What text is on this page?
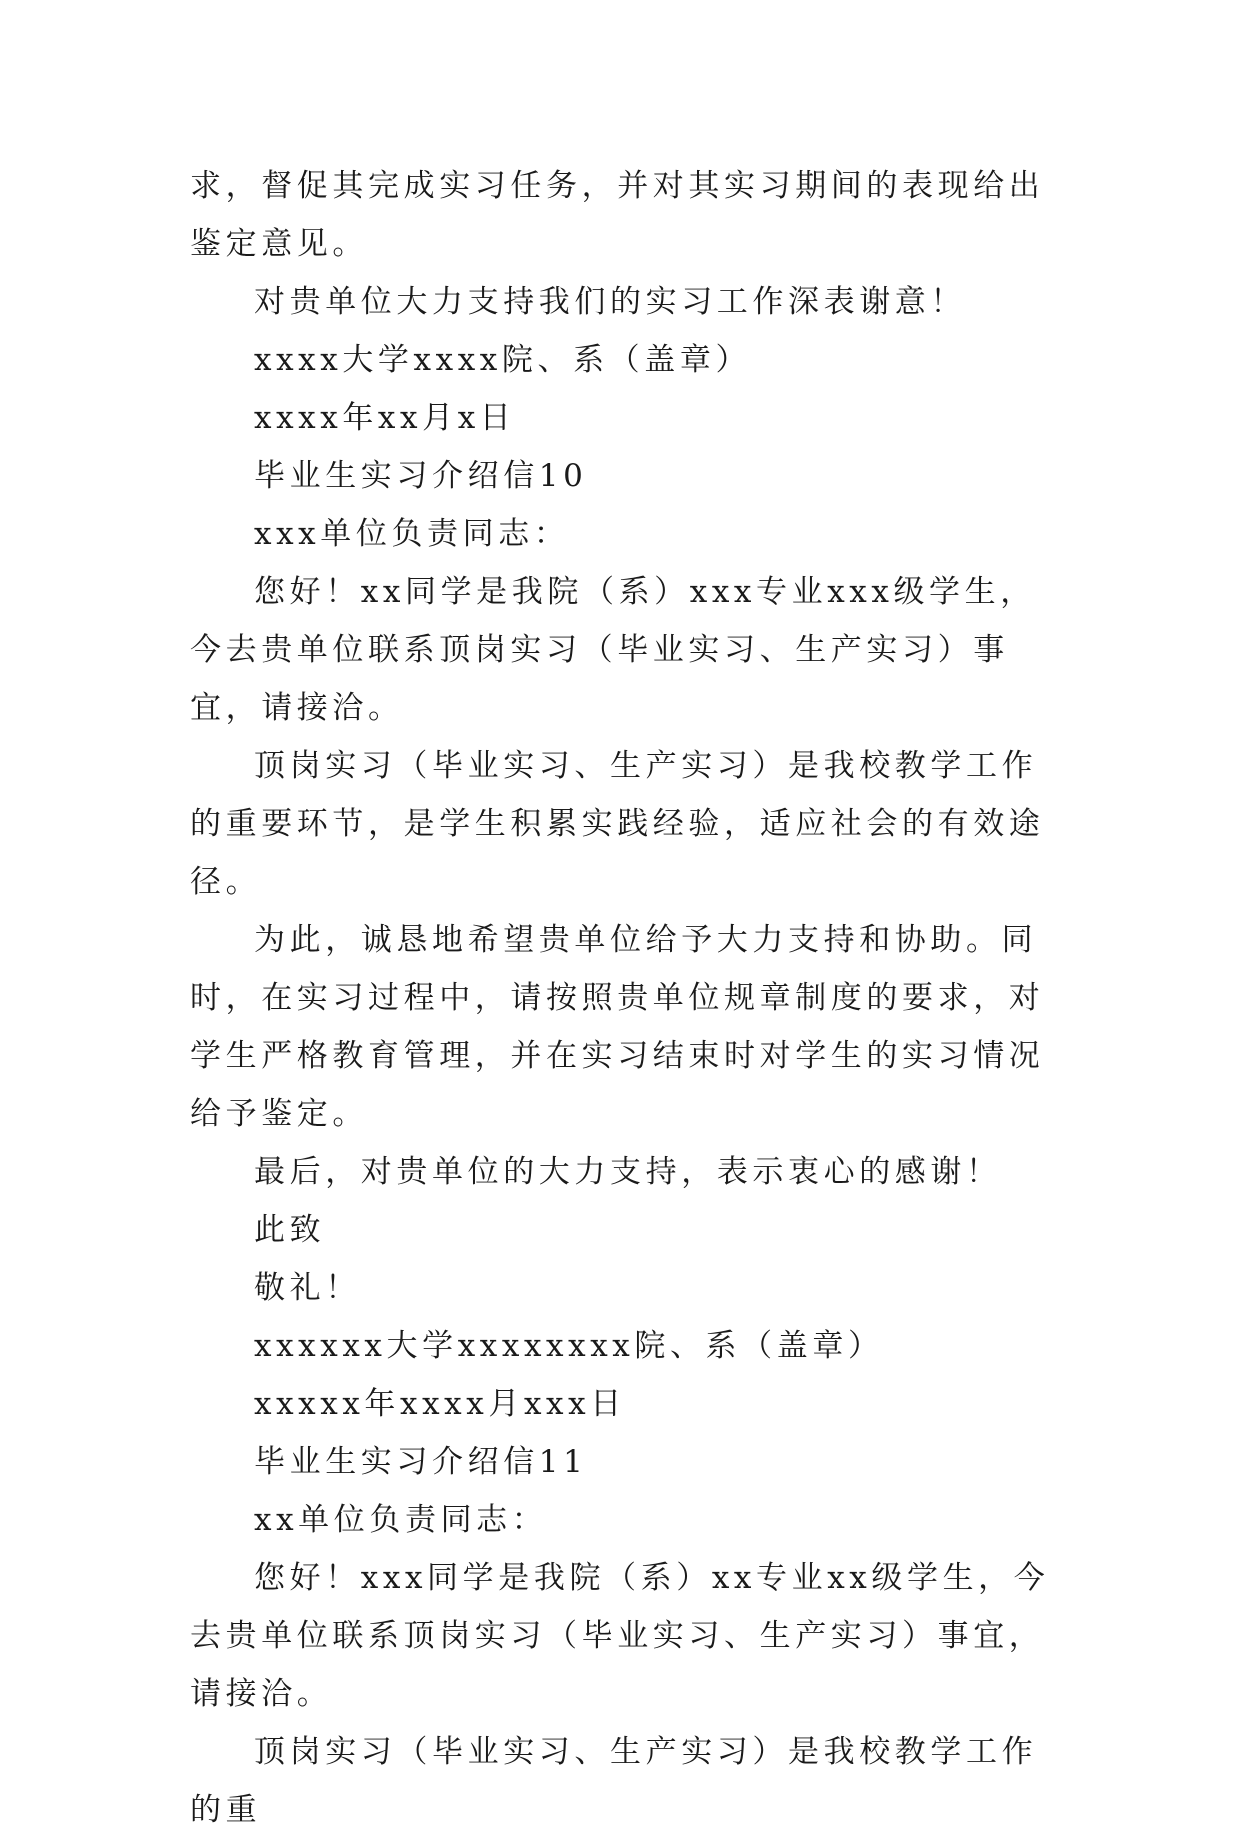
求，督促其完成实习任务，并对其实习期间的表现给出鉴定意见。

对贵单位大力支持我们的实习工作深表谢意！

xxxx大学xxxx院、系（盖章）

xxxx年xx月x日

毕业生实习介绍信10

xxx单位负责同志：

您好！xx同学是我院（系）xxx专业xxx级学生，今去贵单位联系顶岗实习（毕业实习、生产实习）事宜，请接洽。

顶岗实习（毕业实习、生产实习）是我校教学工作的重要环节，是学生积累实践经验，适应社会的有效途径。

为此，诚恳地希望贵单位给予大力支持和协助。同时，在实习过程中，请按照贵单位规章制度的要求，对学生严格教育管理，并在实习结束时对学生的实习情况给予鉴定。

最后，对贵单位的大力支持，表示衷心的感谢！

此致

敬礼！

xxxxxx大学xxxxxxxx院、系（盖章）

xxxxx年xxxx月xxx日

毕业生实习介绍信11

xx单位负责同志：

您好！xxx同学是我院（系）xx专业xx级学生，今去贵单位联系顶岗实习（毕业实习、生产实习）事宜，请接洽。

顶岗实习（毕业实习、生产实习）是我校教学工作的重
